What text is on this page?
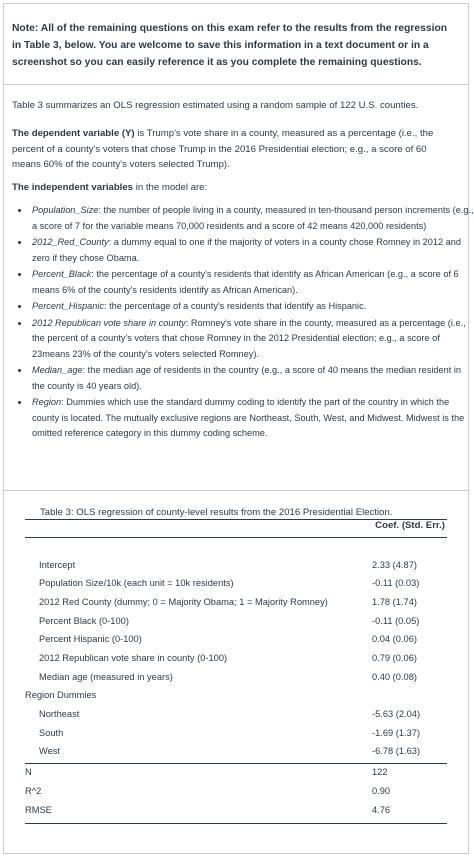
Note: All of the remaining questions on this exam refer to the results from the regression in Table 3, below. You are welcome to save this information in a text document or in a screenshot so you can easily reference it as you complete the remaining questions.

Table 3 summarizes an OLS regression estimated using a random sample of 122 U.S. counties.

The dependent variable (Y) is Trump's vote share in a county, measured as a percentage (i.e., the percent of a county's voters that chose Trump in the 2016 Presidential election; e.g., a score of 60 means 60% of the county's voters selected Trump).

The independent variables in the model are:

• Population_Size: the number of people living in a county, measured in ten-thousand person increments (e.g., a score of 7 for the variable means 70,000 residents and a score of 42 means 420,000 residents)
• 2012_Red_County: a dummy equal to one if the majority of voters in a county chose Romney in 2012 and zero if they chose Obama.
• Percent_Black: the percentage of a county's residents that identify as African American (e.g., a score of 6 means 6% of the county's residents identify as African American).
• Percent_Hispanic: the percentage of a county's residents that identify as Hispanic.
• 2012 Republican vote share in county: Romney's vote share in the county, measured as a percentage (i.e., the percent of a county's voters that chose Romney in the 2012 Presidential election; e.g., a score of 23means 23% of the county's voters selected Romney).
• Median_age: the median age of residents in the country (e.g., a score of 40 means the median resident in the county is 40 years old).
• Region: Dummies which use the standard dummy coding to identify the part of the country in which the county is located. The mutually exclusive regions are Northeast, South, West, and Midwest. Midwest is the omitted reference category in this dummy coding scheme.
Table 3: OLS regression of county-level results from the 2016 Presidential Election.
Coef. (Std. Err.)
Intercept	2.33 (4.87)
Population Size/10k (each unit = 10k residents)	-0.11 (0.03)
2012 Red County (dummy; 0 = Majority Obama; 1 = Majority Romney)	1.78 (1.74)
Percent Black (0-100)	-0.11 (0.05)
Percent Hispanic (0-100)	0.04 (0.06)
2012 Republican vote share in county (0-100)	0.79 (0.06)
Median age (measured in years)	0.40 (0.08)
Region Dummies
Northeast	-5.63 (2.04)
South	-1.69 (1.37)
West	-6.78 (1.63)
N	122
R^2	0.90
RMSE	4.76
